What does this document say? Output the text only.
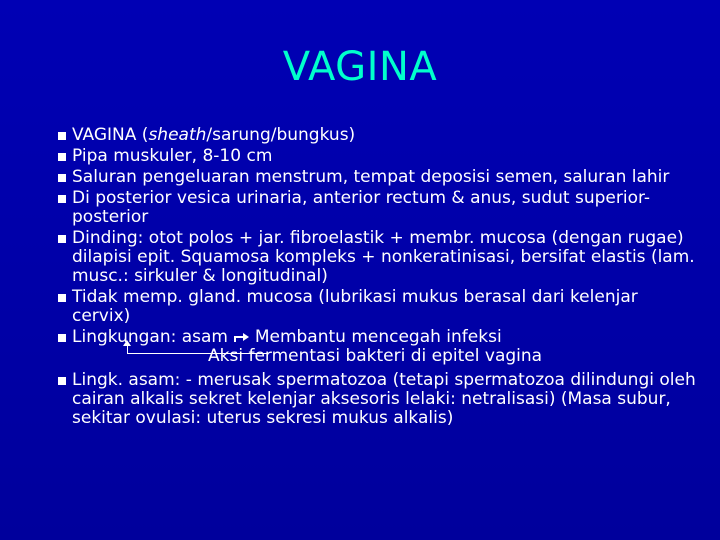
VAGINA
VAGINA (sheath/sarung/bungkus)
Pipa muskuler, 8-10 cm
Saluran pengeluaran menstrum, tempat deposisi semen, saluran lahir
Di posterior vesica urinaria, anterior rectum & anus, sudut superior-posterior
Dinding: otot polos + jar. fibroelastik + membr. mucosa (dengan rugae) dilapisi epit. Squamosa kompleks + nonkeratinisasi, bersifat elastis (lam. musc.: sirkuler & longitudinal)
Tidak memp. gland. mucosa (lubrikasi mukus berasal dari kelenjar cervix)
Lingkungan: asam Membantu mencegah infeksi
Aksi fermentasi bakteri di epitel vagina
Lingk. asam: - merusak spermatozoa (tetapi spermatozoa dilindungi oleh cairan alkalis sekret kelenjar aksesoris lelaki: netralisasi) (Masa subur, sekitar ovulasi: uterus sekresi mukus alkalis)
